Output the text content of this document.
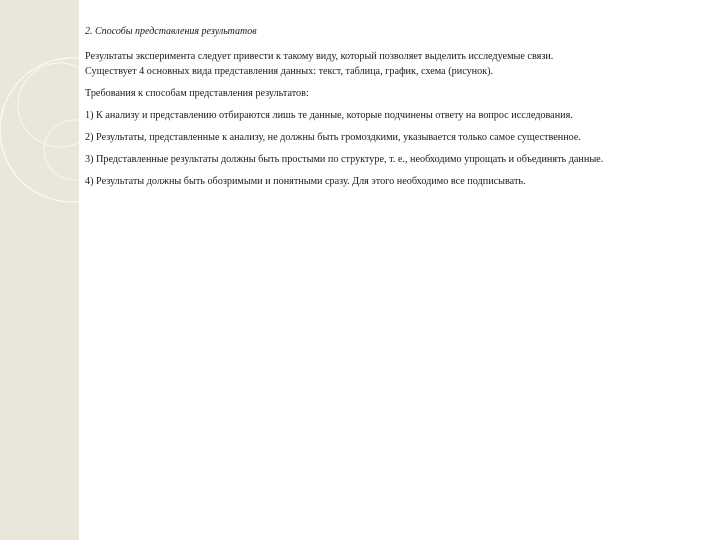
2. Способы представления результатов
Результаты эксперимента следует привести к такому виду, который позволяет выделить исследуемые связи.
Существует 4 основных вида представления данных: текст, таблица, график, схема (рисунок).
Требования к способам представления результатов:
1) К анализу и представлению отбираются лишь те данные, которые подчинены ответу на вопрос исследования.
2) Результаты, представленные к анализу, не должны быть громоздкими, указывается только самое существенное.
3) Представленные результаты должны быть простыми по структуре, т. е., необходимо упрощать и объединять данные.
4) Результаты должны быть обозримыми и понятными сразу. Для этого необходимо все подписывать.
